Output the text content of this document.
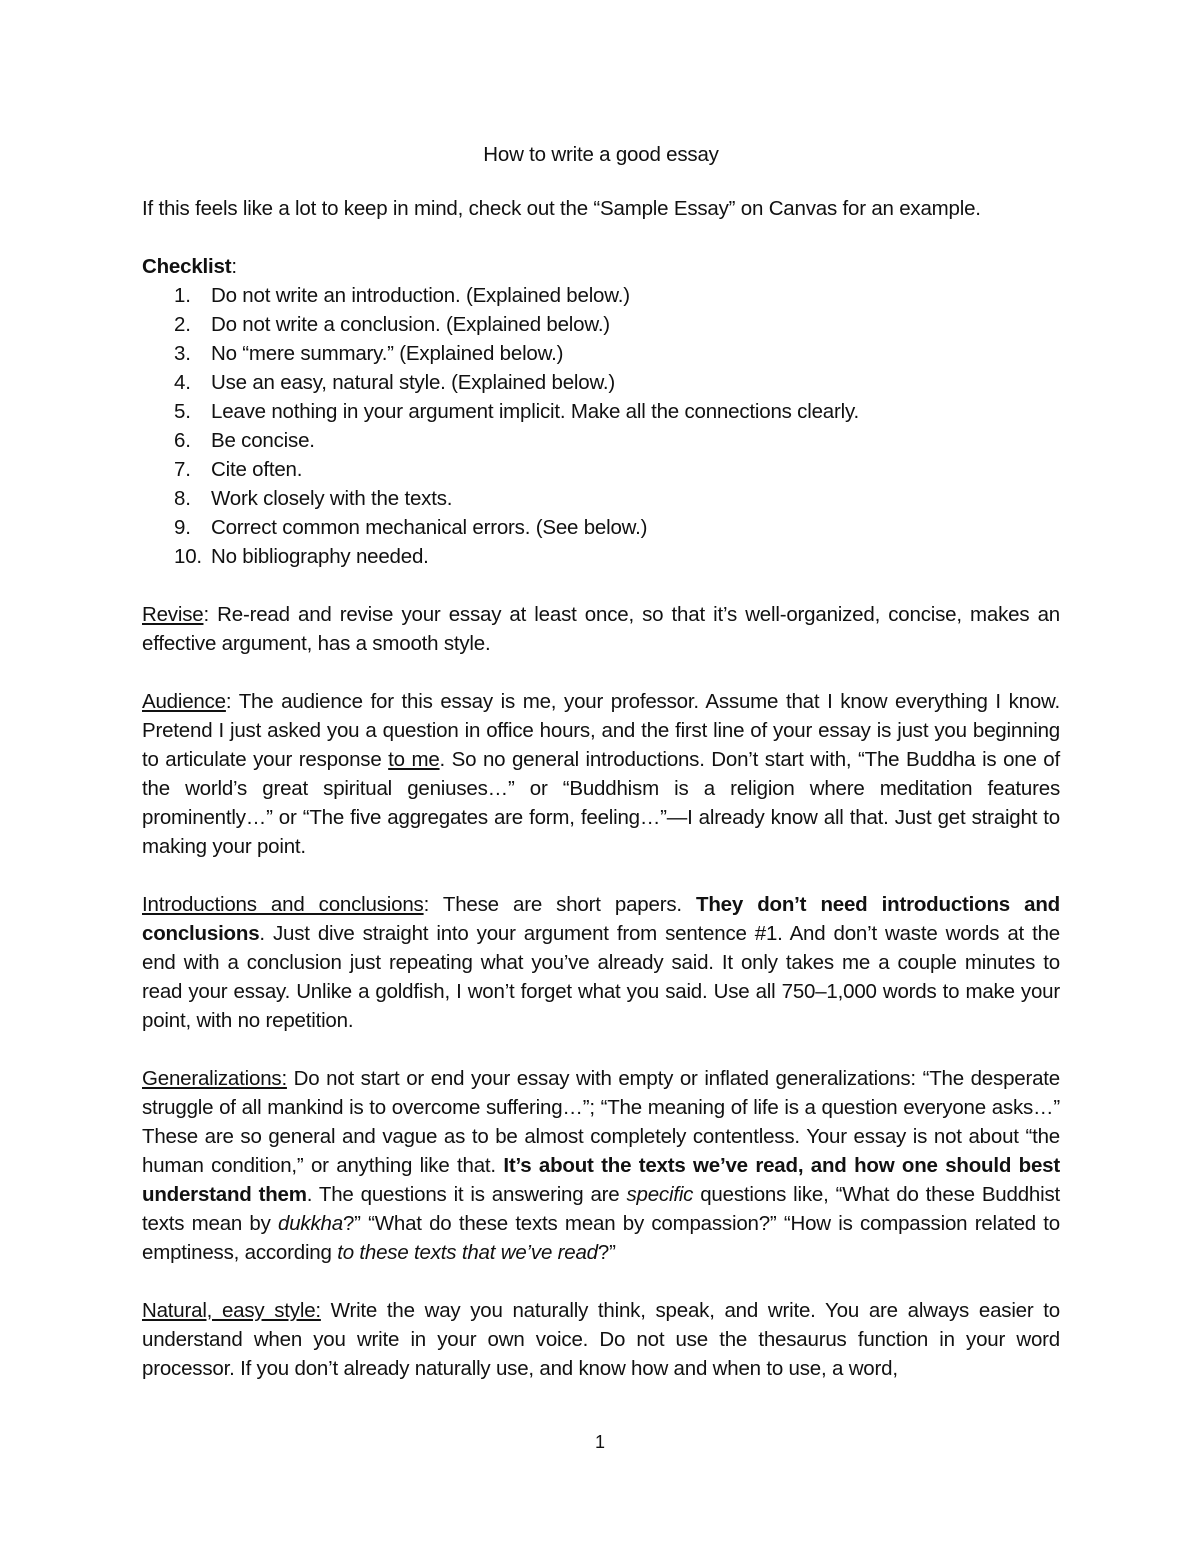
How to write a good essay

If this feels like a lot to keep in mind, check out the “Sample Essay” on Canvas for an example.

Checklist:

1. Do not write an introduction. (Explained below.)
2. Do not write a conclusion. (Explained below.)
3. No “mere summary.” (Explained below.)
4. Use an easy, natural style. (Explained below.)
5. Leave nothing in your argument implicit. Make all the connections clearly.
6. Be concise.
7. Cite often.
8. Work closely with the texts.
9. Correct common mechanical errors. (See below.)
10. No bibliography needed.

Revise: Re-read and revise your essay at least once, so that it’s well-organized, concise, makes an effective argument, has a smooth style.

Audience: The audience for this essay is me, your professor. Assume that I know everything I know. Pretend I just asked you a question in office hours, and the first line of your essay is just you beginning to articulate your response to me. So no general introductions. Don’t start with, “The Buddha is one of the world’s great spiritual geniuses…” or “Buddhism is a religion where meditation features prominently…” or “The five aggregates are form, feeling…”—I already know all that. Just get straight to making your point.

Introductions and conclusions: These are short papers. They don’t need introductions and conclusions. Just dive straight into your argument from sentence #1. And don’t waste words at the end with a conclusion just repeating what you’ve already said. It only takes me a couple minutes to read your essay. Unlike a goldfish, I won’t forget what you said. Use all 750–1,000 words to make your point, with no repetition.

Generalizations: Do not start or end your essay with empty or inflated generalizations: “The desperate struggle of all mankind is to overcome suffering…”; “The meaning of life is a question everyone asks…” These are so general and vague as to be almost completely contentless. Your essay is not about “the human condition,” or anything like that. It’s about the texts we’ve read, and how one should best understand them. The questions it is answering are specific questions like, “What do these Buddhist texts mean by dukkha?” “What do these texts mean by compassion?” “How is compassion related to emptiness, according to these texts that we’ve read?”

Natural, easy style: Write the way you naturally think, speak, and write. You are always easier to understand when you write in your own voice. Do not use the thesaurus function in your word processor. If you don’t already naturally use, and know how and when to use, a word,

1
